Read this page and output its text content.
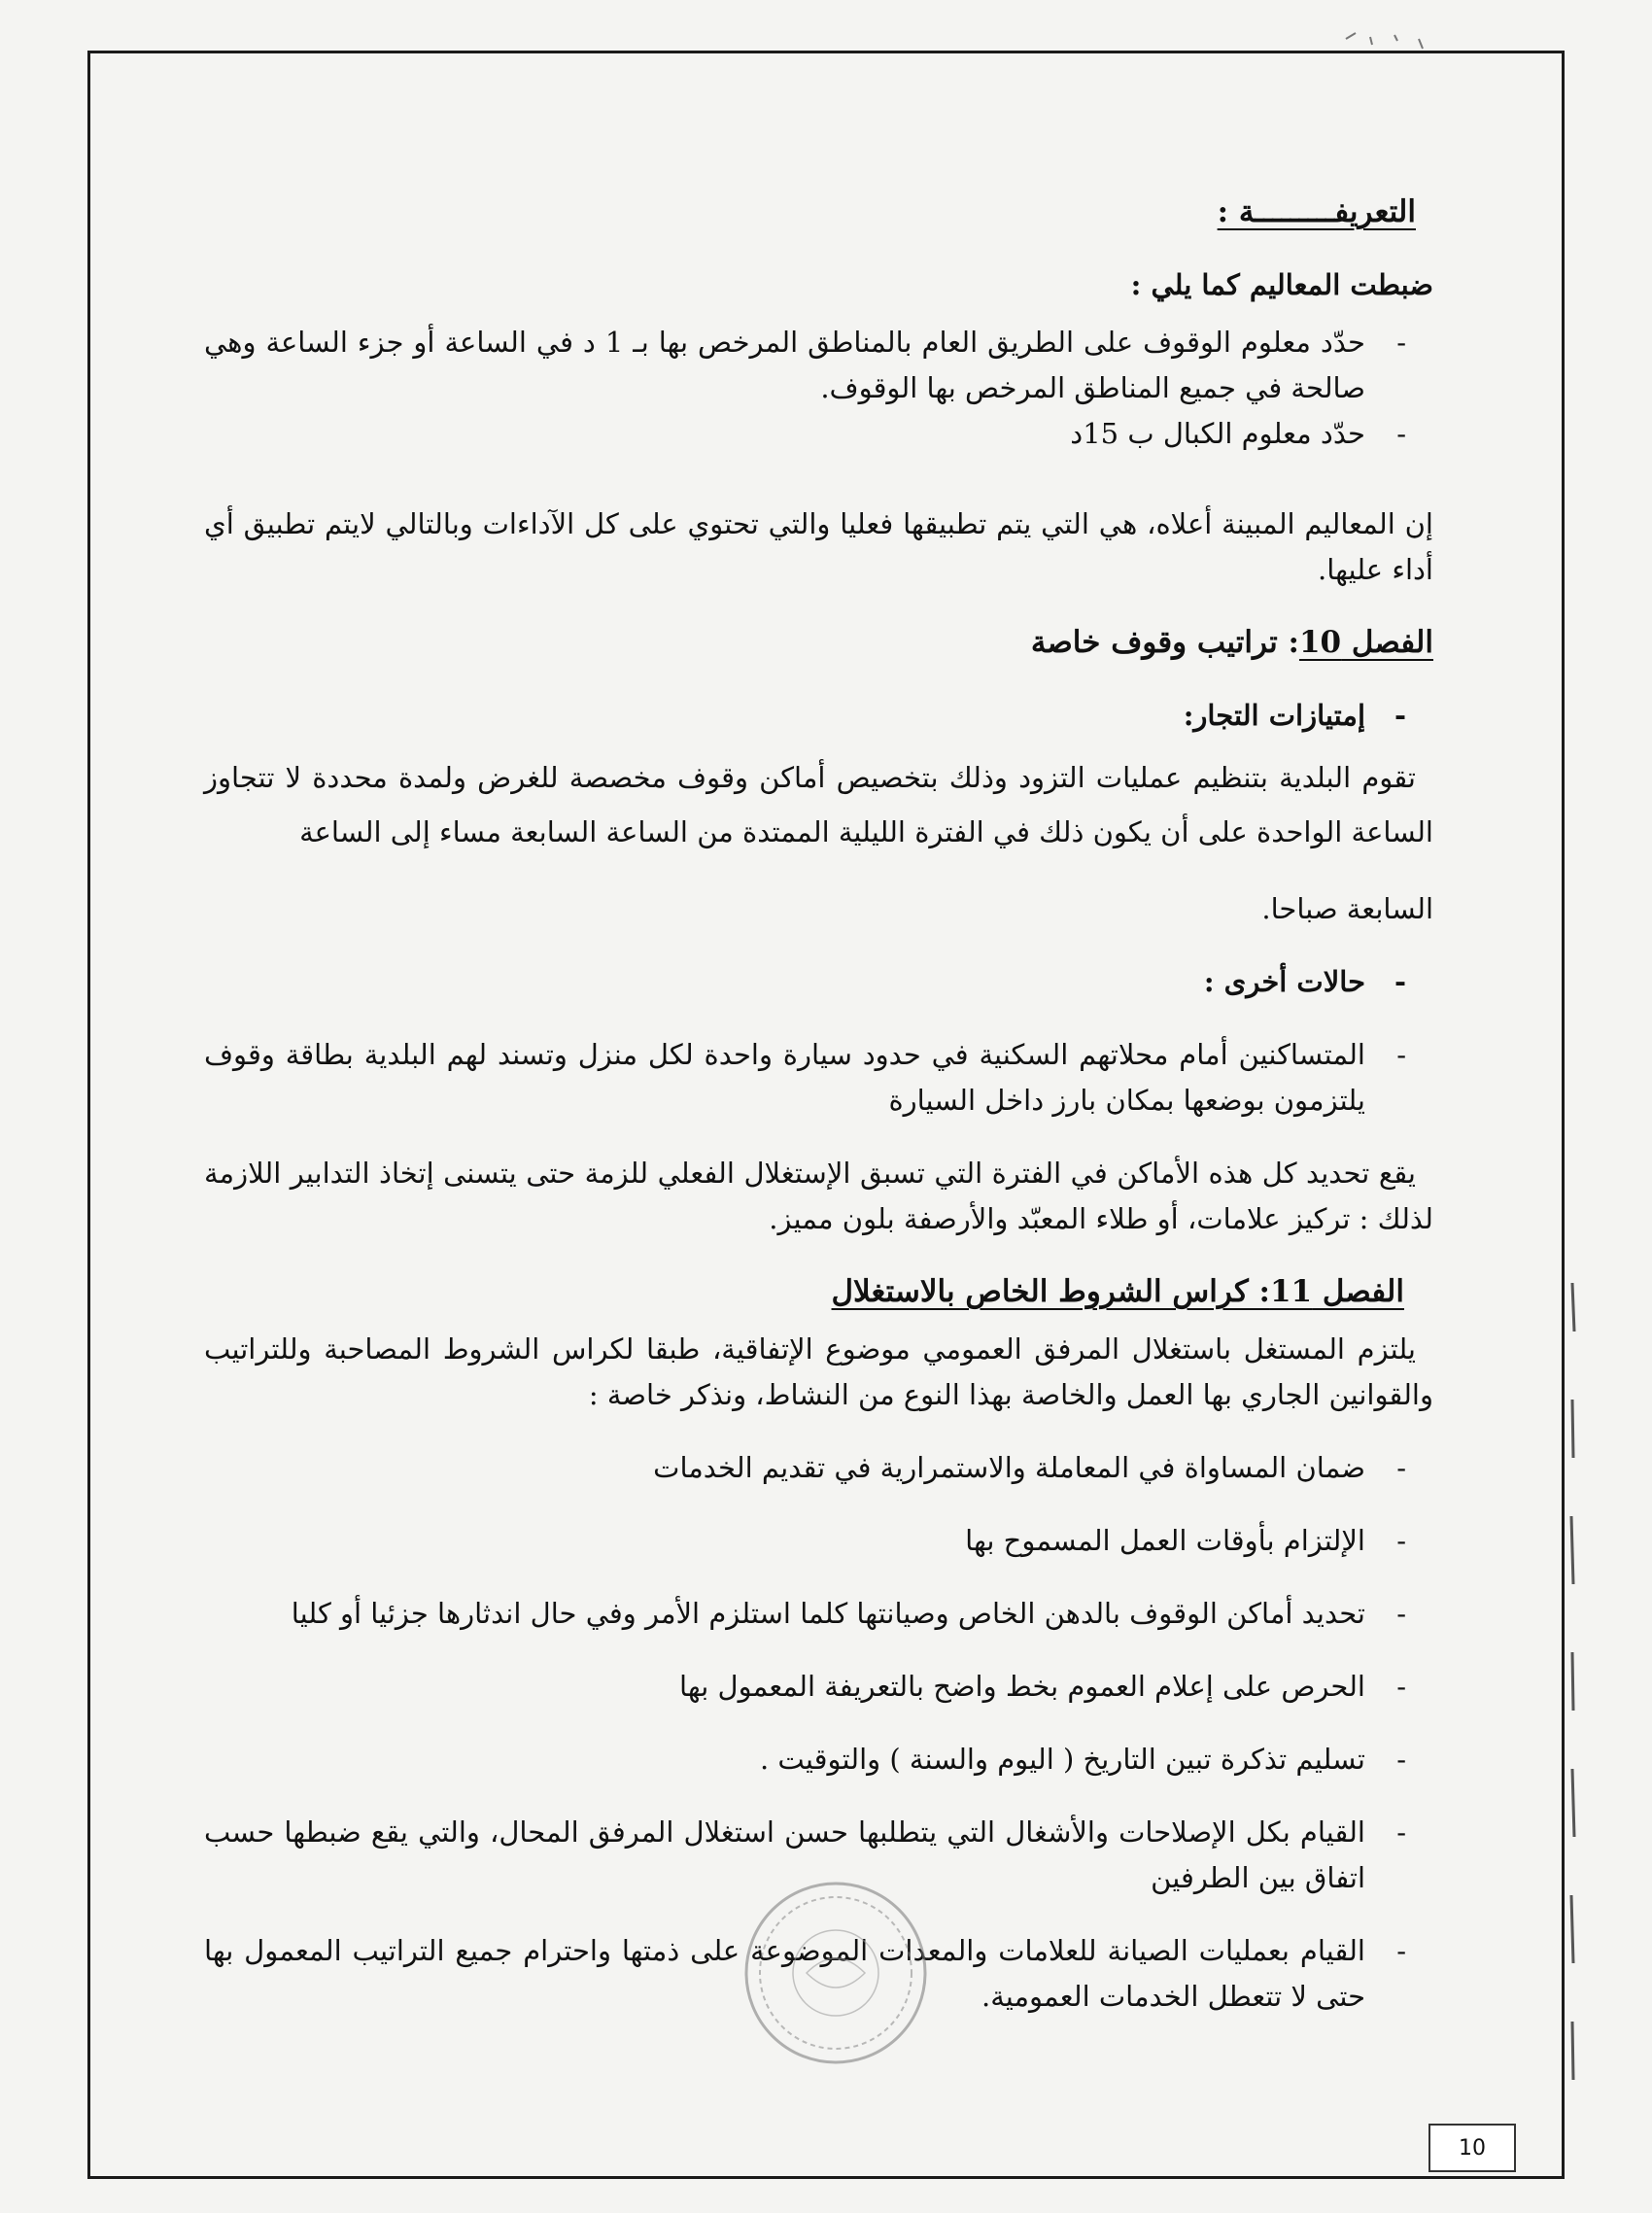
التعريفـــــــــة :
ضبطت المعاليم كما يلي :
-
حدّد معلوم الوقوف على الطريق العام بالمناطق المرخص بها بـ 1 د في الساعة أو جزء الساعة وهي صالحة في جميع المناطق المرخص بها الوقوف.
-
حدّد معلوم الكبال ب 15د
إن المعاليم المبينة أعلاه، هي التي يتم تطبيقها فعليا والتي تحتوي على كل الآداءات وبالتالي لايتم تطبيق أي أداء عليها.
الفصل 10: تراتيب وقوف خاصة
-
إمتيازات التجار:
تقوم البلدية بتنظيم عمليات التزود وذلك بتخصيص أماكن وقوف مخصصة للغرض ولمدة محددة لا تتجاوز الساعة الواحدة على أن يكون ذلك في الفترة الليلية الممتدة من الساعة السابعة مساء إلى الساعة
السابعة صباحا.
-
حالات أخرى :
-
المتساكنين أمام محلاتهم السكنية في حدود سيارة واحدة لكل منزل وتسند لهم البلدية بطاقة وقوف يلتزمون بوضعها بمكان بارز داخل السيارة
يقع تحديد كل هذه الأماكن في الفترة التي تسبق الإستغلال الفعلي للزمة حتى يتسنى إتخاذ التدابير اللازمة لذلك : تركيز علامات، أو طلاء المعبّد والأرصفة بلون مميز.
الفصل 11: كراس الشروط الخاص بالاستغلال
يلتزم المستغل باستغلال المرفق العمومي موضوع الإتفاقية، طبقا لكراس الشروط المصاحبة وللتراتيب والقوانين الجاري بها العمل والخاصة بهذا النوع من النشاط، ونذكر خاصة :
-
ضمان المساواة في المعاملة والاستمرارية في تقديم الخدمات
-
الإلتزام بأوقات العمل المسموح بها
-
تحديد أماكن الوقوف بالدهن الخاص وصيانتها كلما استلزم الأمر وفي حال اندثارها جزئيا أو كليا
-
الحرص على إعلام العموم بخط واضح بالتعريفة المعمول بها
-
تسليم تذكرة تبين التاريخ ( اليوم والسنة ) والتوقيت .
-
القيام بكل الإصلاحات والأشغال التي يتطلبها حسن استغلال المرفق المحال، والتي يقع ضبطها حسب اتفاق بين الطرفين
-
القيام بعمليات الصيانة للعلامات والمعدات الموضوعة على ذمتها واحترام جميع التراتيب المعمول بها حتى لا تتعطل الخدمات العمومية.
10
